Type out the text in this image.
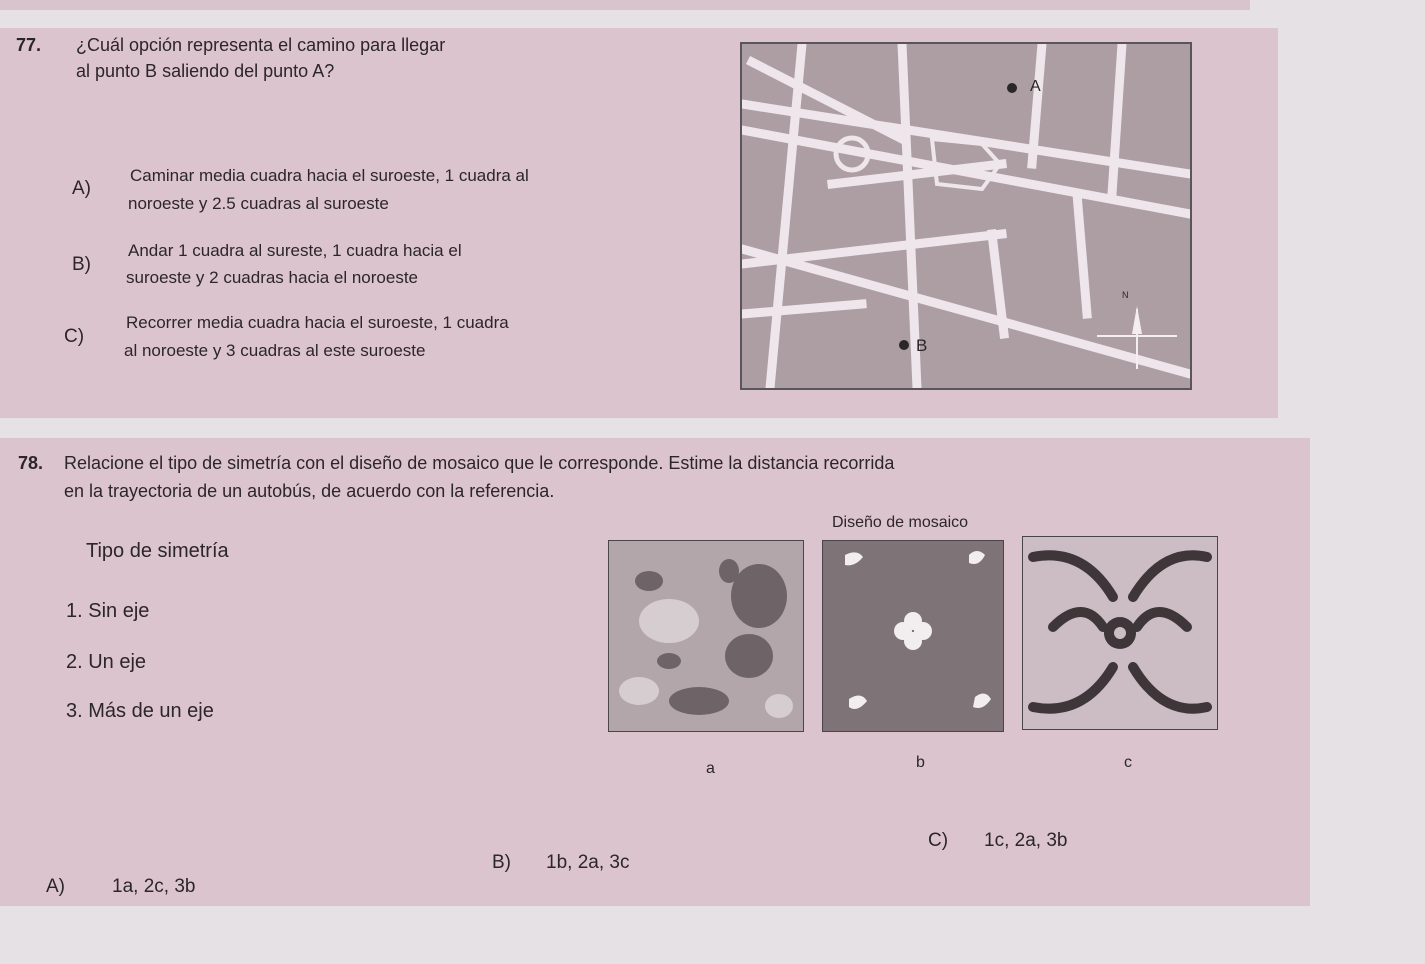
77. ¿Cuál opción representa el camino para llegar
al punto B saliendo del punto A?
A)
Caminar media cuadra hacia el suroeste, 1 cuadra al
noroeste y 2.5 cuadras al suroeste
B)
Andar 1 cuadra al sureste, 1 cuadra hacia el
suroeste y 2 cuadras hacia el noroeste
C)
Recorrer media cuadra hacia el suroeste, 1 cuadra
al noroeste y 3 cuadras al este suroeste
A
B
N
78. Relacione el tipo de simetría con el diseño de mosaico que le corresponde. Estime la distancia recorrida
en la trayectoria de un autobús, de acuerdo con la referencia.
Tipo de simetría
1. Sin eje
2. Un eje
3. Más de un eje
Diseño de mosaico
a	b	c
A) 1a, 2c, 3b
B) 1b, 2a, 3c
C) 1c, 2a, 3b
